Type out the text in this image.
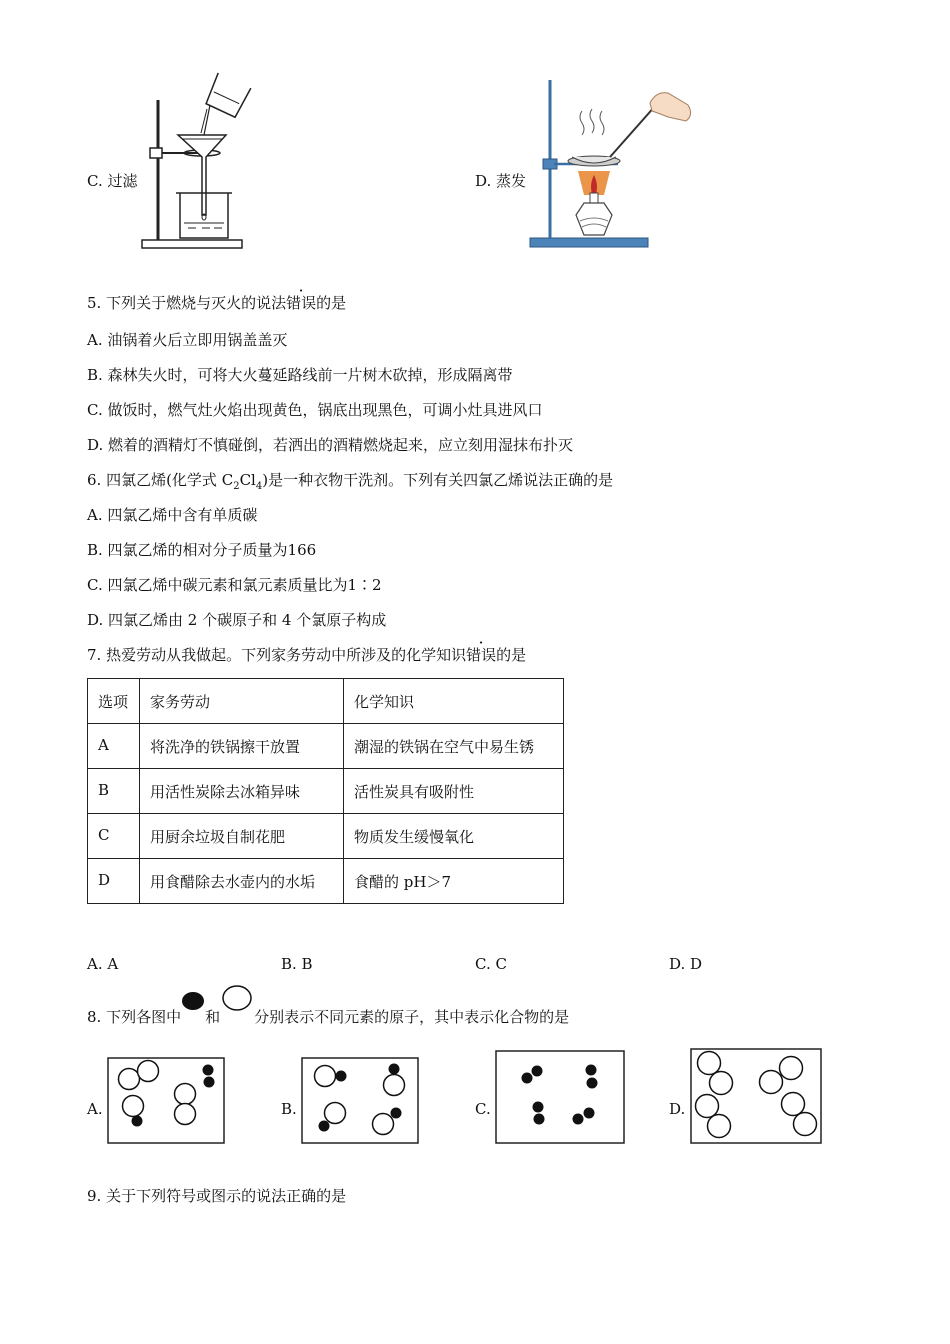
C. 过滤	D. 蒸发
5. 下列关于燃烧与灭火的说法错误的是
A. 油锅着火后立即用锅盖盖灭
B. 森林失火时，可将大火蔓延路线前一片树木砍掉，形成隔离带
C. 做饭时，燃气灶火焰出现黄色，锅底出现黑色，可调小灶具进风口
D. 燃着的酒精灯不慎碰倒，若洒出的酒精燃烧起来，应立刻用湿抹布扑灭
6. 四氯乙烯(化学式 $C_2Cl_4$)是一种衣物干洗剂。下列有关四氯乙烯说法正确的是
A. 四氯乙烯中含有单质碳
B. 四氯乙烯的相对分子质量为166
C. 四氯乙烯中碳元素和氯元素质量比为1∶2
D. 四氯乙烯由 2 个碳原子和 4 个氯原子构成
7. 热爱劳动从我做起。下列家务劳动中所涉及的化学知识错误的是
选项	家务劳动	化学知识
A	将洗净的铁锅擦干放置	潮湿的铁锅在空气中易生锈
B	用活性炭除去冰箱异味	活性炭具有吸附性
C	用厨余垃圾自制花肥	物质发生缓慢氧化
D	用食醋除去水壶内的水垢	食醋的 pH＞7
A. A	B. B	C. C	D. D
8. 下列各图中 和 分别表示不同元素的原子，其中表示化合物的是
A.	B.	C.	D.
9. 关于下列符号或图示的说法正确的是
